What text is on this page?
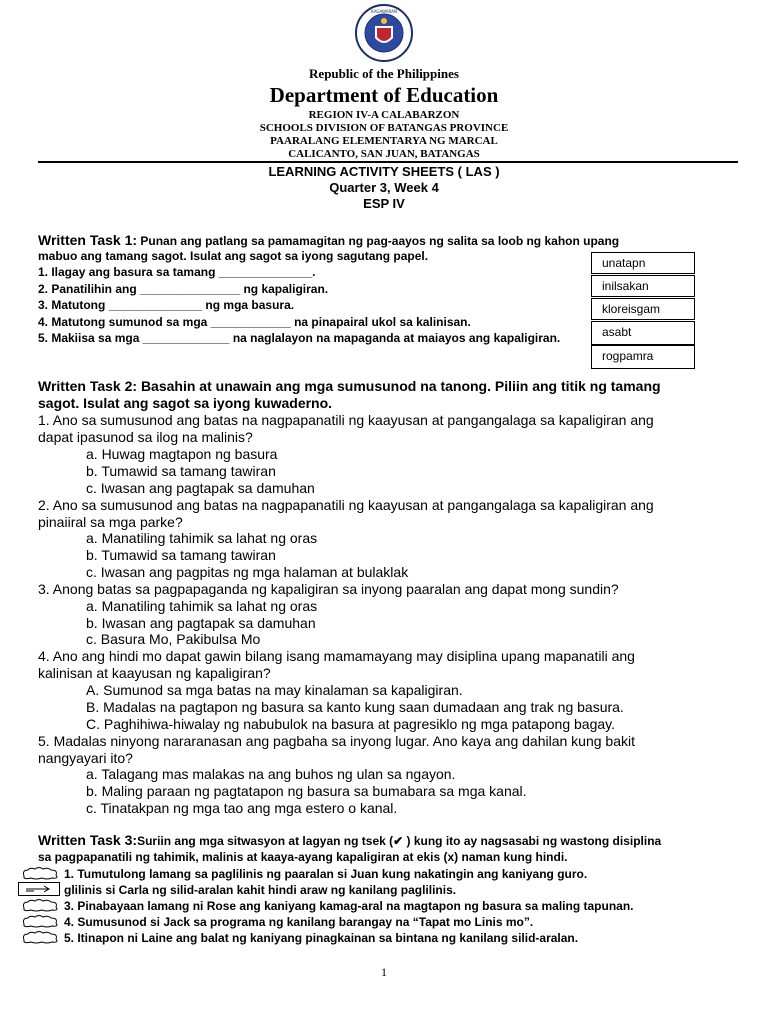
KAGAWARAN
Republic of the Philippines
Department of Education
REGION IV-A CALABARZON
SCHOOLS DIVISION OF BATANGAS PROVINCE
PAARALANG ELEMENTARYA NG MARCAL
CALICANTO, SAN JUAN, BATANGAS
LEARNING ACTIVITY SHEETS ( LAS )
Quarter 3, Week 4
ESP IV
Written Task 1: Punan ang patlang sa pamamagitan ng pag-aayos ng salita sa loob ng kahon upang
mabuo ang tamang sagot. Isulat ang sagot sa iyong sagutang papel.
1. Ilagay ang basura sa tamang ______________.
2. Panatilihin ang _______________ ng kapaligiran.
3. Matutong ______________ ng mga basura.
4. Matutong sumunod sa mga ____________ na pinapairal ukol sa kalinisan.
5. Makiisa sa mga _____________ na naglalayon na mapaganda at maiayos ang kapaligiran.
unatapn
inilsakan
kloreisgam
asabt
rogpamra
Written Task 2: Basahin at unawain ang mga sumusunod na tanong. Piliin ang titik ng tamang
sagot. Isulat ang sagot sa iyong kuwaderno.
1. Ano sa sumusunod ang batas na nagpapanatili ng kaayusan at pangangalaga sa kapaligiran ang
dapat ipasunod sa ilog na malinis?
a. Huwag magtapon ng basura
b. Tumawid sa tamang tawiran
c. Iwasan ang pagtapak sa damuhan
2. Ano sa sumusunod ang batas na nagpapanatili ng kaayusan at pangangalaga sa kapaligiran ang
pinaiiral sa mga parke?
a. Manatiling tahimik sa lahat ng oras
b. Tumawid sa tamang tawiran
c. Iwasan ang pagpitas ng mga halaman at bulaklak
3. Anong batas sa pagpapaganda ng kapaligiran sa inyong paaralan ang dapat mong sundin?
a. Manatiling tahimik sa lahat ng oras
b. Iwasan ang pagtapak sa damuhan
c. Basura Mo, Pakibulsa Mo
4. Ano ang hindi mo dapat gawin bilang isang mamamayang may disiplina upang mapanatili ang
kalinisan at kaayusan ng kapaligiran?
A. Sumunod sa mga batas na may kinalaman sa kapaligiran.
B. Madalas na pagtapon ng basura sa kanto kung saan dumadaan ang trak ng basura.
C. Paghihiwa-hiwalay ng nabubulok na basura at pagresiklo ng mga patapong bagay.
5. Madalas ninyong nararanasan ang pagbaha sa inyong lugar. Ano kaya ang dahilan kung bakit
nangyayari ito?
a. Talagang mas malakas na ang buhos ng ulan sa ngayon.
b. Maling paraan ng pagtatapon ng basura sa bumabara sa mga kanal.
c. Tinatakpan ng mga tao ang mga estero o kanal.
Written Task 3:Suriin ang mga sitwasyon at lagyan ng tsek (✔ ) kung ito ay nagsasabi ng wastong disiplina
sa pagpapanatili ng tahimik, malinis at kaaya-ayang kapaligiran at ekis (x) naman kung hindi.
1. Tumutulong lamang sa paglilinis ng paaralan si Juan kung nakatingin ang kaniyang guro.
glilinis si Carla ng silid-aralan kahit hindi araw ng kanilang paglilinis.
3. Pinabayaan lamang ni Rose ang kaniyang kamag-aral na magtapon ng basura sa maling tapunan.
4. Sumusunod si Jack sa programa ng kanilang barangay na “Tapat mo Linis mo”.
5. Itinapon ni Laine ang balat ng kaniyang pinagkainan sa bintana ng kanilang silid-aralan.
1
